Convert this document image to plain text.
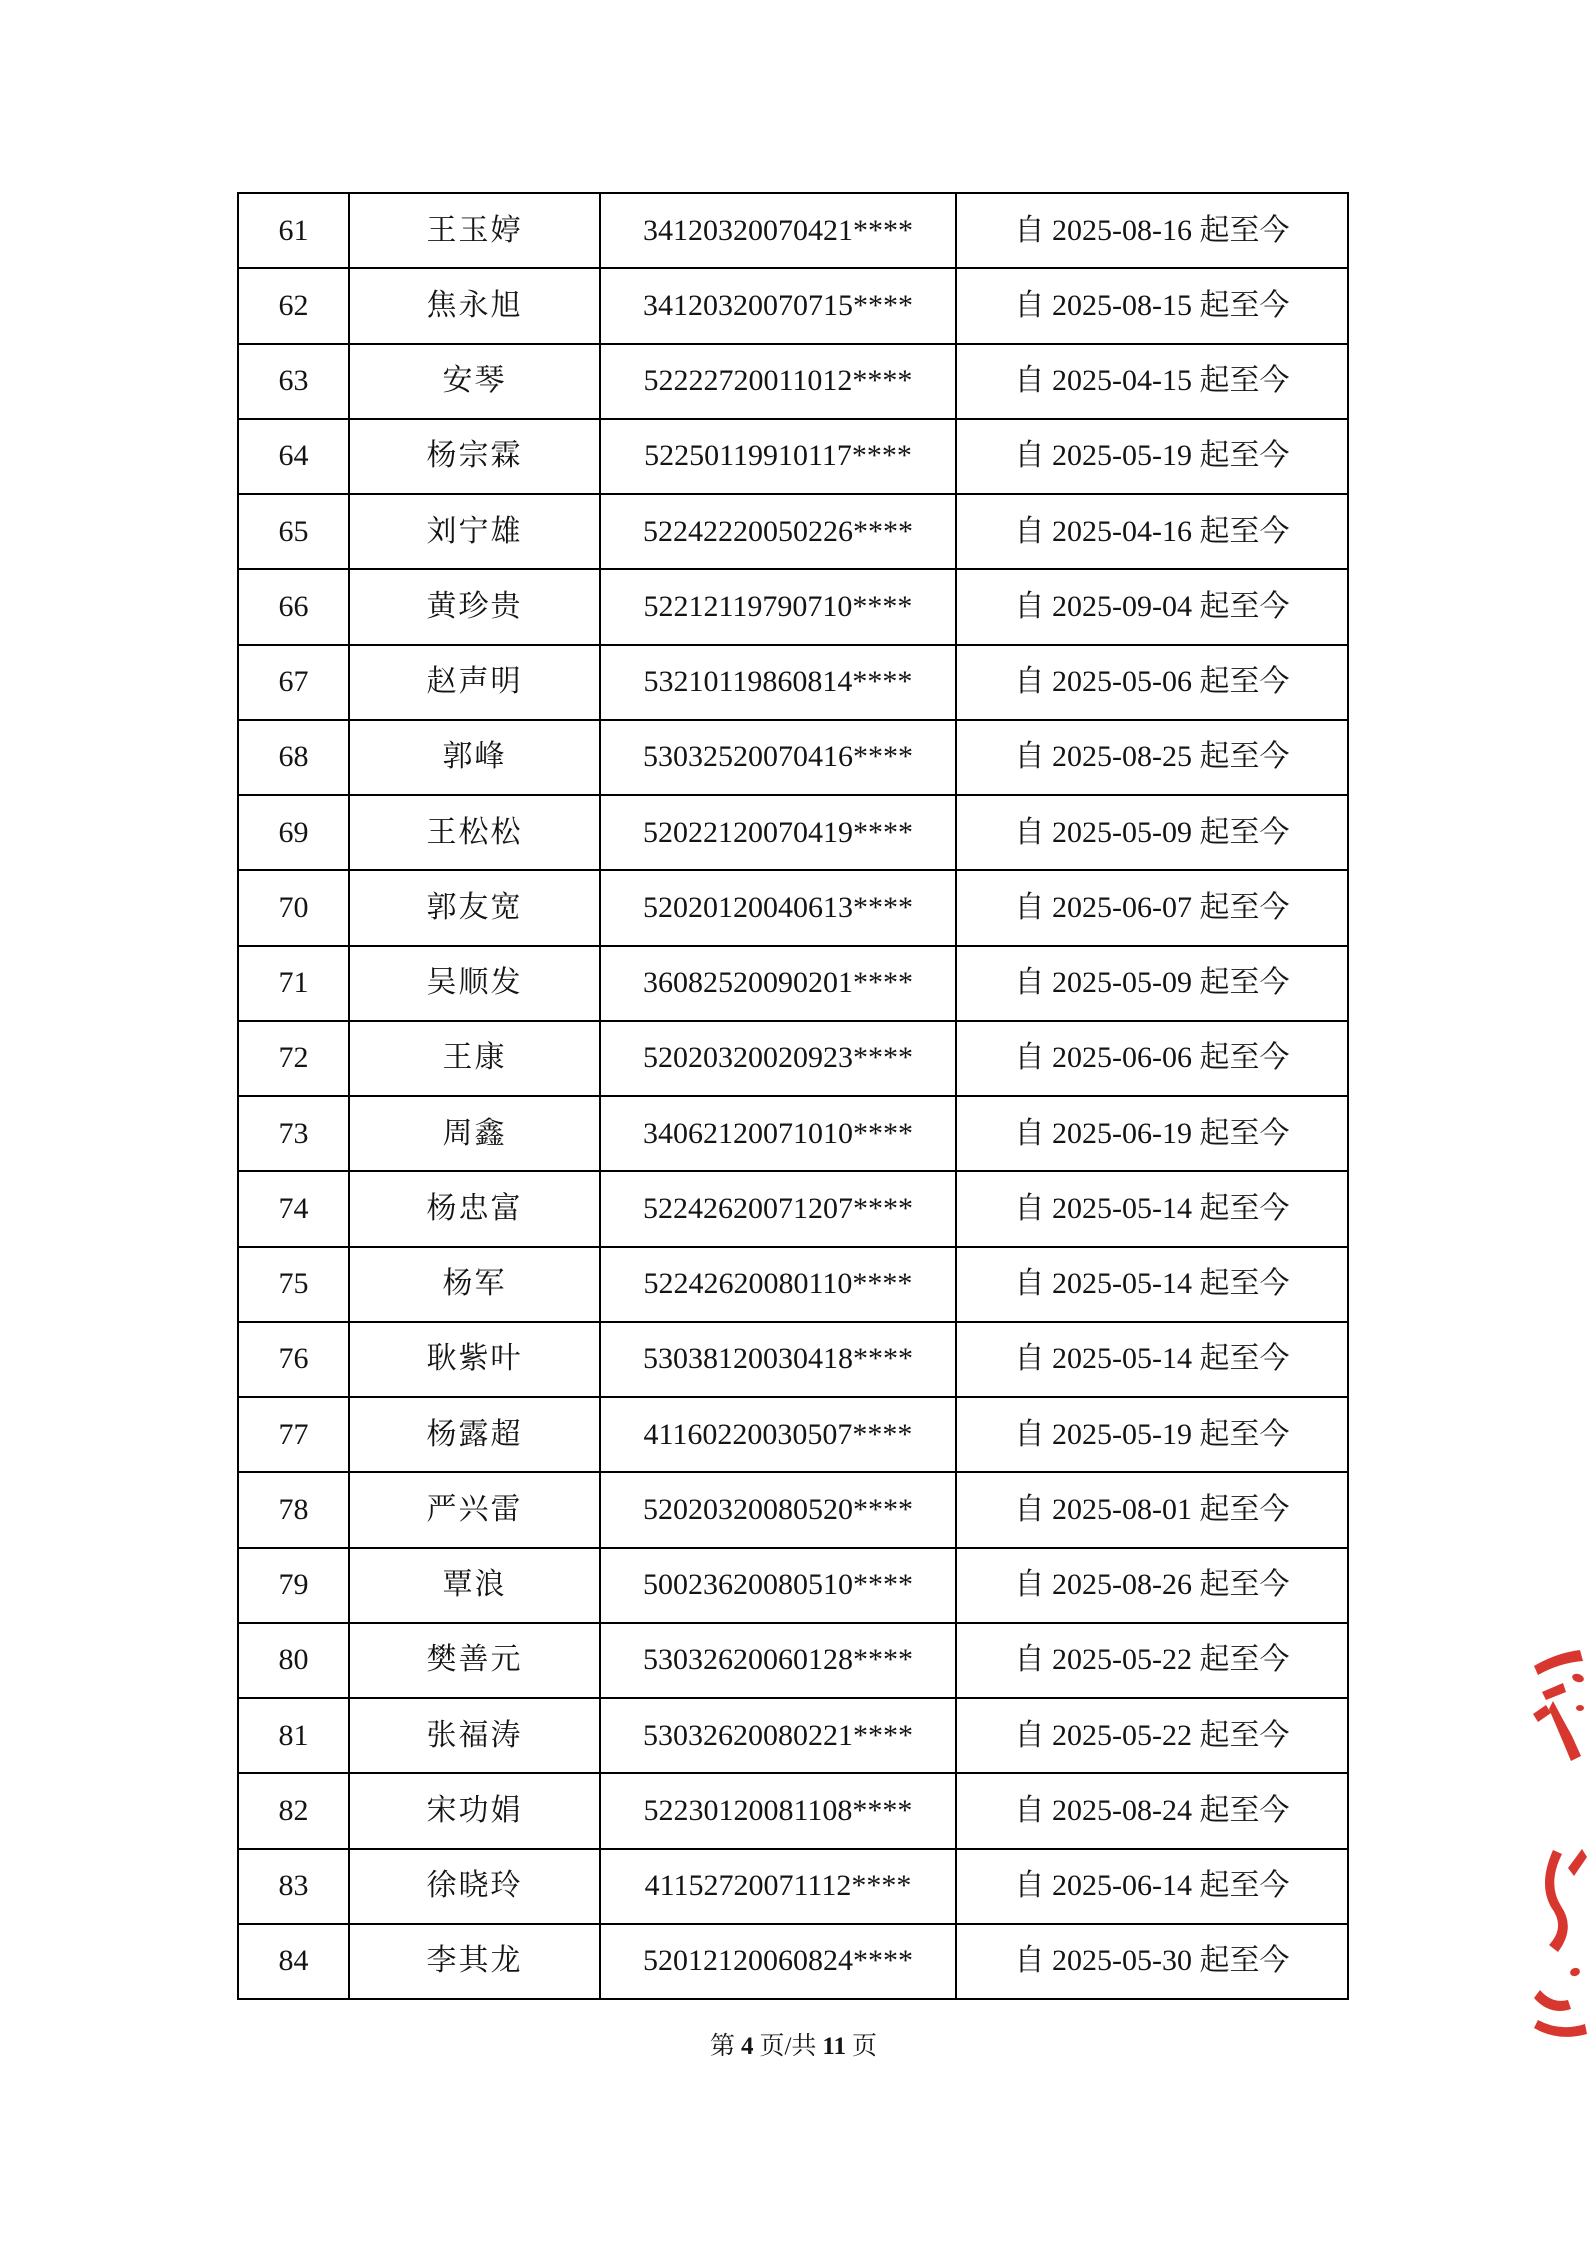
61	王玉婷	34120320070421****	自 2025-08-16 起至今
62	焦永旭	34120320070715****	自 2025-08-15 起至今
63	安琴	52222720011012****	自 2025-04-15 起至今
64	杨宗霖	52250119910117****	自 2025-05-19 起至今
65	刘宁雄	52242220050226****	自 2025-04-16 起至今
66	黄珍贵	52212119790710****	自 2025-09-04 起至今
67	赵声明	53210119860814****	自 2025-05-06 起至今
68	郭峰	53032520070416****	自 2025-08-25 起至今
69	王松松	52022120070419****	自 2025-05-09 起至今
70	郭友宽	52020120040613****	自 2025-06-07 起至今
71	吴顺发	36082520090201****	自 2025-05-09 起至今
72	王康	52020320020923****	自 2025-06-06 起至今
73	周鑫	34062120071010****	自 2025-06-19 起至今
74	杨忠富	52242620071207****	自 2025-05-14 起至今
75	杨军	52242620080110****	自 2025-05-14 起至今
76	耿紫叶	53038120030418****	自 2025-05-14 起至今
77	杨露超	41160220030507****	自 2025-05-19 起至今
78	严兴雷	52020320080520****	自 2025-08-01 起至今
79	覃浪	50023620080510****	自 2025-08-26 起至今
80	樊善元	53032620060128****	自 2025-05-22 起至今
81	张福涛	53032620080221****	自 2025-05-22 起至今
82	宋功娟	52230120081108****	自 2025-08-24 起至今
83	徐晓玲	41152720071112****	自 2025-06-14 起至今
84	李其龙	52012120060824****	自 2025-05-30 起至今
第 4 页/共 11 页
